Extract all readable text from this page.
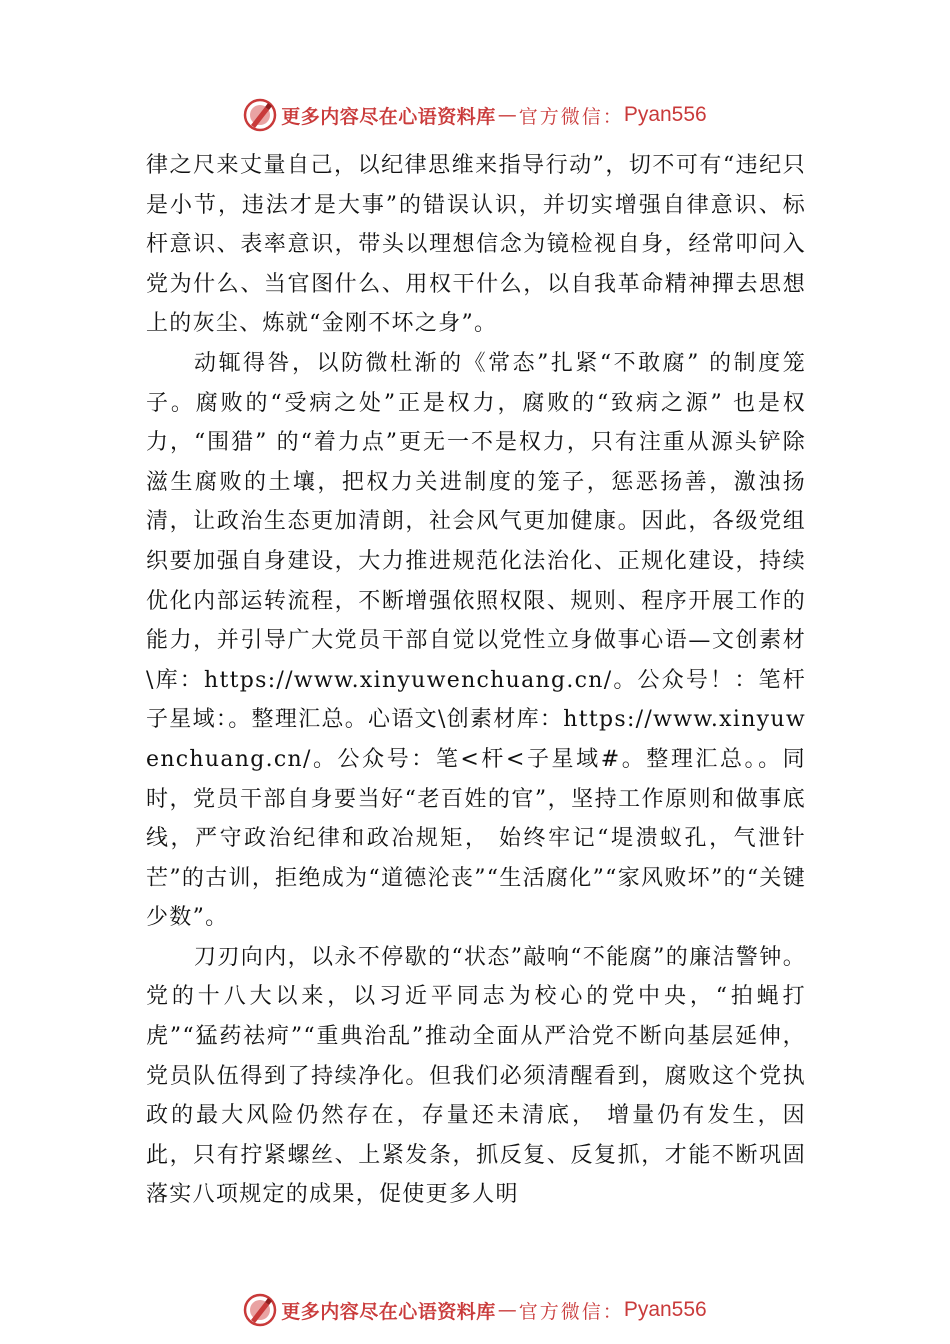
更多内容尽在心语资料库 — 官方微信： Pyan556

律之尺来丈量自己，以纪律思维来指导行动”，切不可有“违纪只是小节，违法才是大事”的错误认识，并切实增强自律意识、标杆意识、表率意识，带头以理想信念为镜检视自身，经常叩问入党为什么、当官图什么、用权干什么，以自我革命精神撣去思想上的灰尘、炼就“金刚不坏之身”。

动辄得咎，以防微杜渐的《常态”扎紧“不敢腐” 的制度笼子。腐败的“受病之处”正是权力，腐败的“致病之源” 也是权力，“围猎” 的“着力点”更无一不是权力，只有注重从源头铲除滋生腐败的土壤，把权力关进制度的笼子，惩恶扬善，激浊扬清，让政治生态更加清朗，社会风气更加健康。因此，各级党组织要加强自身建设，大力推进规范化法治化、正规化建设，持续优化内部运转流程，不断增强依照权限、规则、程序开展工作的能力，并引导广大党员干部自觉以党性立身做事心语—文创素材\库：https://www.xinyuwenchuang.cn/。公众号！：笔杆子星域：。整理汇总。心语文\创素材库：https://www.xinyuwenchuang.cn/。公众号：笔<杆<子星域#。整理汇总。。同时，党员干部自身要当好“老百姓的官”，坚持工作原则和做事底线，严守政治纪律和政冶规矩， 始终牢记“堤溃蚁孔，气泄针芒”的古训，拒绝成为“道德沦丧”“生活腐化”“家风败坏”的“关键少数”。

刀刃向内，以永不停歇的“状态”敲响“不能腐”的廉洁警钟。党的十八大以来，以习近平同志为校心的党中央，“拍蝇打虎”“猛药祛疴”“重典治乱”推动全面从严洽党不断向基层延伸，党员队伍得到了持续净化。但我们必须清醒看到，腐败这个党执政的最大风险仍然存在，存量还未清底， 增量仍有发生，因此，只有拧紧螺丝、上紧发条，抓反复、反复抓，才能不断巩固落实八项规定的成果，促使更多人明

更多内容尽在心语资料库 — 官方微信： Pyan556
